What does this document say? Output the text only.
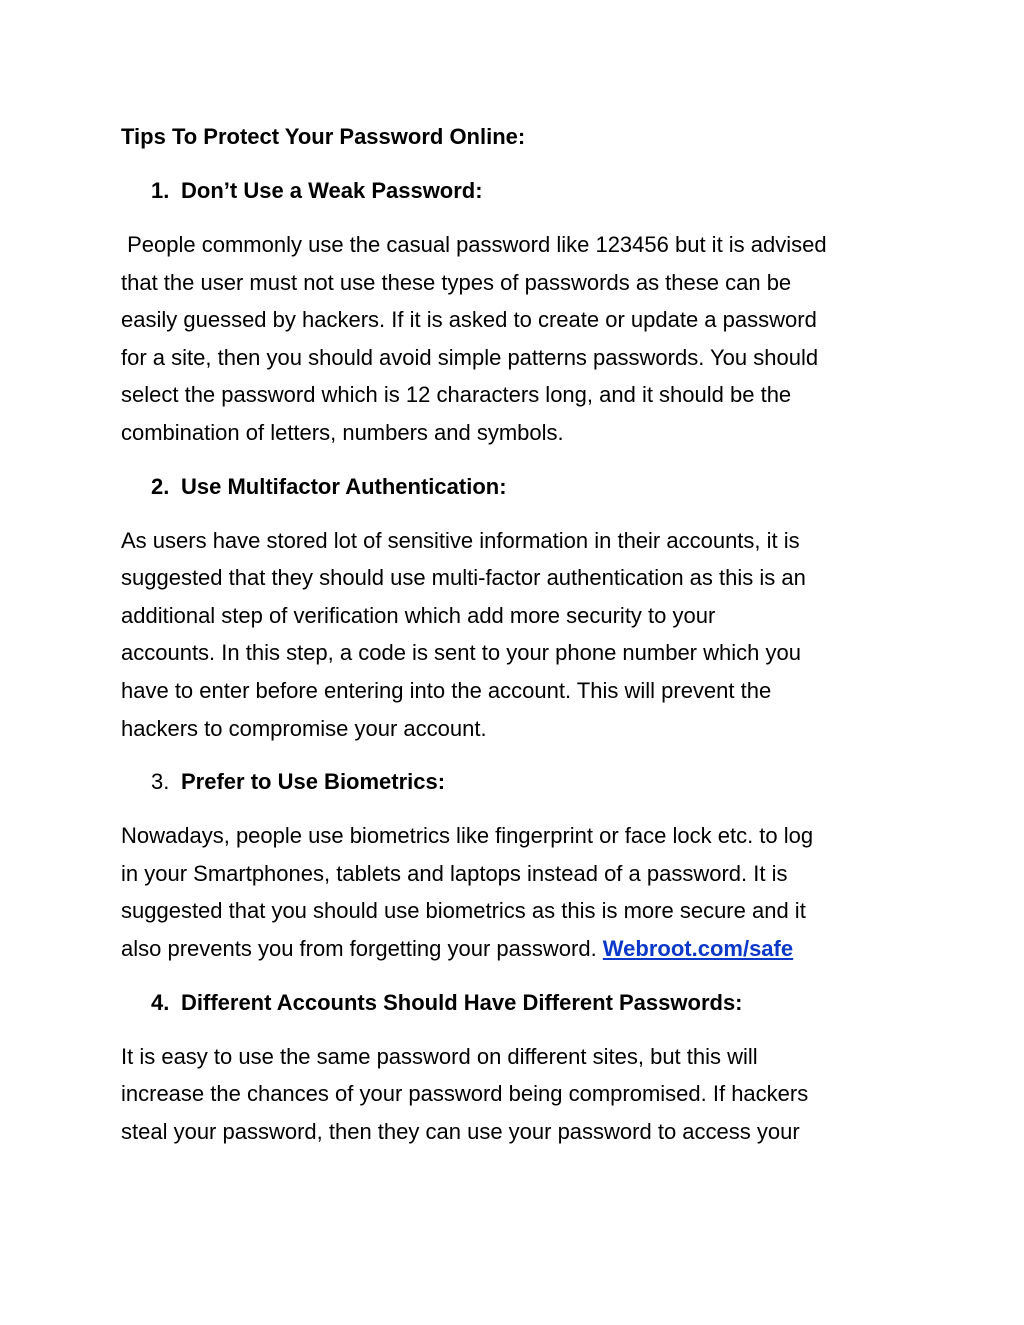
Tips To Protect Your Password Online:
1. Don’t Use a Weak Password:
People commonly use the casual password like 123456 but it is advised
that the user must not use these types of passwords as these can be
easily guessed by hackers. If it is asked to create or update a password
for a site, then you should avoid simple patterns passwords. You should
select the password which is 12 characters long, and it should be the
combination of letters, numbers and symbols.
2. Use Multifactor Authentication:
As users have stored lot of sensitive information in their accounts, it is
suggested that they should use multi-factor authentication as this is an
additional step of verification which add more security to your
accounts. In this step, a code is sent to your phone number which you
have to enter before entering into the account. This will prevent the
hackers to compromise your account.
3. Prefer to Use Biometrics:
Nowadays, people use biometrics like fingerprint or face lock etc. to log
in your Smartphones, tablets and laptops instead of a password. It is
suggested that you should use biometrics as this is more secure and it
also prevents you from forgetting your password. Webroot.com/safe
4. Different Accounts Should Have Different Passwords:
It is easy to use the same password on different sites, but this will
increase the chances of your password being compromised. If hackers
steal your password, then they can use your password to access your
